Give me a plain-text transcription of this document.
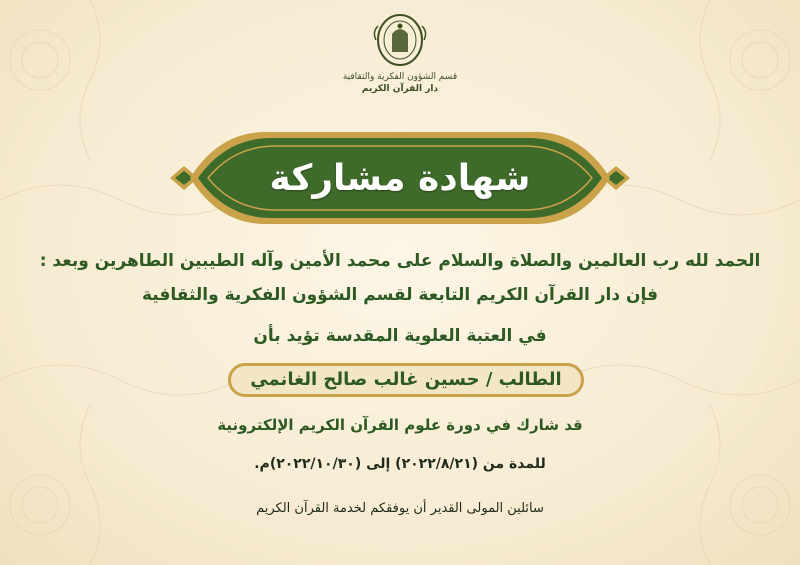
قسم الشؤون الفكرية والثقافية
دار القرآن الكريم
شهادة مشاركة
الحمد لله رب العالمين والصلاة والسلام على محمد الأمين وآله الطيبين الطاهرين وبعد :
فإن دار القرآن الكريم التابعة لقسم الشؤون الفكرية والثقافية
في العتبة العلوية المقدسة تؤيد بأن
الطالب / حسين غالب صالح الغانمي
قد شارك في دورة علوم القرآن الكريم الإلكترونية
للمدة من (٢٠٢٢/٨/٢١) إلى (٢٠٢٢/١٠/٣٠)م.
سائلين المولى القدير أن يوفقكم لخدمة القرآن الكريم
